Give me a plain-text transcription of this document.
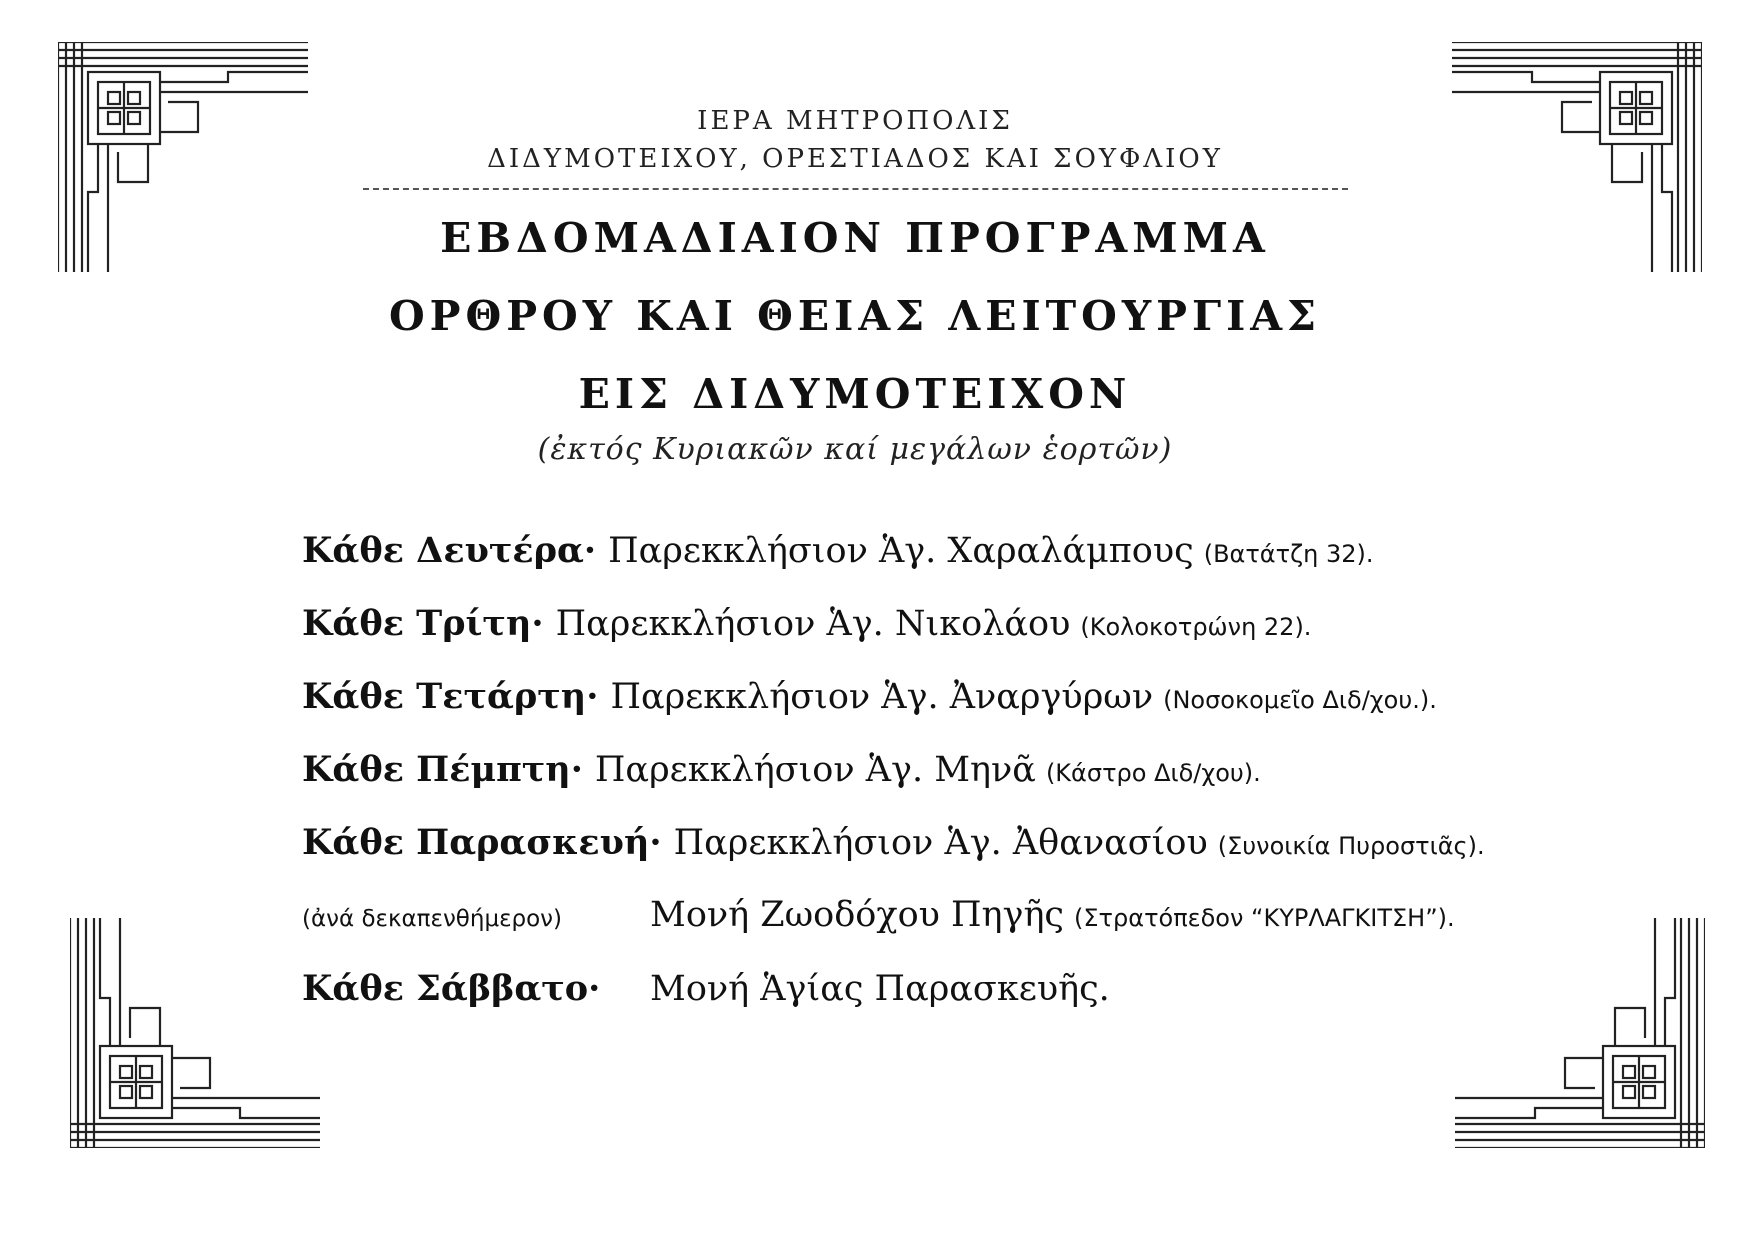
ΙΕΡΑ ΜΗΤΡΟΠΟΛΙΣ
ΔΙΔΥΜΟΤΕΙΧΟΥ, ΟΡΕΣΤΙΑΔΟΣ ΚΑΙ ΣΟΥΦΛΙΟΥ
ΕΒΔΟΜΑΔΙΑΙΟΝ ΠΡΟΓΡΑΜΜΑ
ΟΡΘΡΟΥ ΚΑΙ ΘΕΙΑΣ ΛΕΙΤΟΥΡΓΙΑΣ
ΕΙΣ ΔΙΔΥΜΟΤΕΙΧΟΝ
(ἐκτός Κυριακῶν καί μεγάλων ἑορτῶν)
Κάθε Δευτέρα· Παρεκκλήσιον Ἁγ. Χαραλάμπους (Βατάτζη 32).
Κάθε Τρίτη· Παρεκκλήσιον Ἁγ. Νικολάου (Κολοκοτρώνη 22).
Κάθε Τετάρτη· Παρεκκλήσιον Ἁγ. Ἀναργύρων (Νοσοκομεῖο Διδ/χου.).
Κάθε Πέμπτη· Παρεκκλήσιον Ἁγ. Μηνᾶ (Κάστρο Διδ/χου).
Κάθε Παρασκευή· Παρεκκλήσιον Ἁγ. Ἀθανασίου (Συνοικία Πυροστιᾶς).
(ἀνά δεκαπενθήμερον)	Μονή Ζωοδόχου Πηγῆς (Στρατόπεδον “ΚΥΡΛΑΓΚΙΤΣΗ”).
Κάθε Σάββατο·	Μονή Ἁγίας Παρασκευῆς.
